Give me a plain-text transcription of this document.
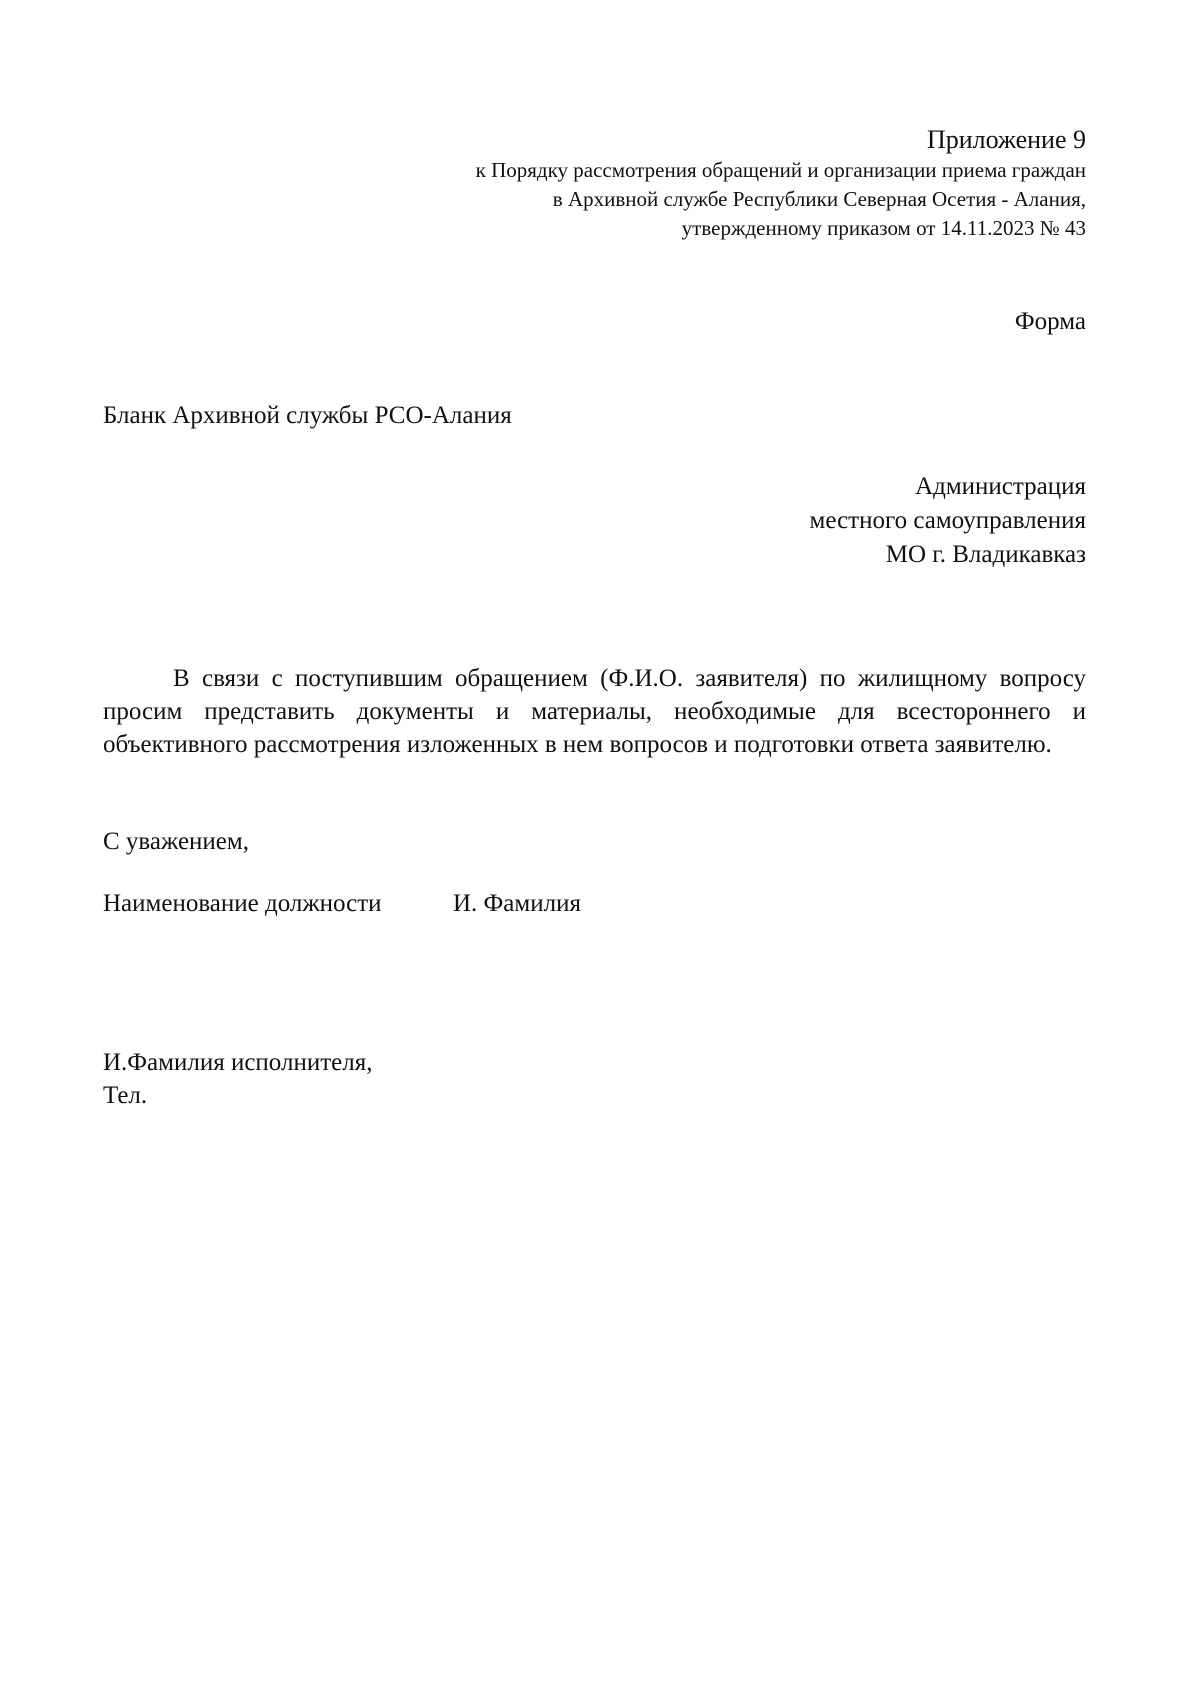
Приложение 9
к Порядку рассмотрения обращений и организации приема граждан
в Архивной службе Республики Северная Осетия - Алания,
утвержденному приказом от 14.11.2023 № 43
Форма
Бланк Архивной службы РСО-Алания
Администрация
местного самоуправления
МО г. Владикавказ

В связи с поступившим обращением (Ф.И.О. заявителя) по жилищному вопросу просим представить документы и материалы, необходимые для всестороннего и объективного рассмотрения изложенных в нем вопросов и подготовки ответа заявителю.

С уважением,
Наименование должности	И. Фамилия
И.Фамилия исполнителя,
Тел.
